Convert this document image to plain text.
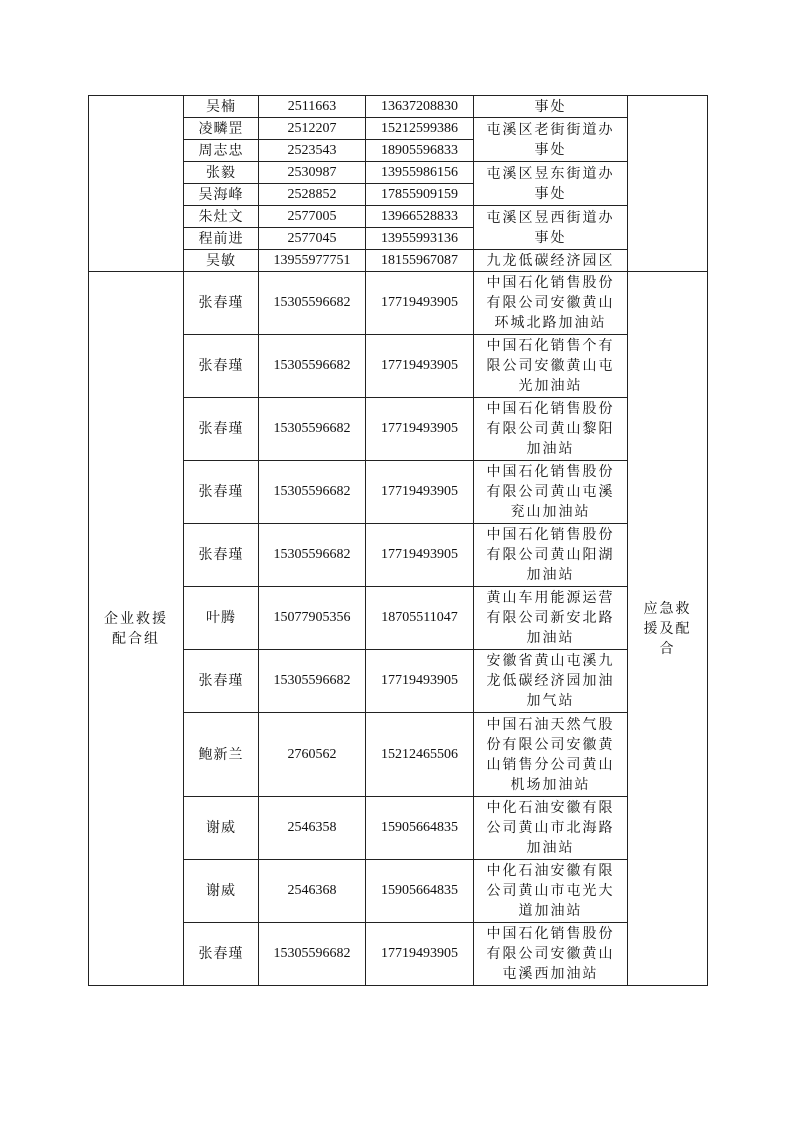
	吴楠	2511663	13637208830	事处	
	凌疄罡	2512207	15212599386	屯溪区老街街道办事处	

	周志忠	2523543	18905596833		
	张毅	2530987	13955986156	屯溪区昱东街道办事处	

	吴海峰	2528852	17855909159		
	朱灶文	2577005	13966528833	屯溪区昱西街道办事处	

	程前进	2577045	13955993136		
	吴敏	13955977751	18155967087	九龙低碳经济园区	

企业救援配合组	张春瑾	15305596682	17719493905	中国石化销售股份有限公司安徽黄山环城北路加油站	应急救援及配合

	张春瑾	15305596682	17719493905	中国石化销售个有限公司安徽黄山屯光加油站	

	张春瑾	15305596682	17719493905	中国石化销售股份有限公司黄山黎阳加油站	

	张春瑾	15305596682	17719493905	中国石化销售股份有限公司黄山屯溪兖山加油站	

	张春瑾	15305596682	17719493905	中国石化销售股份有限公司黄山阳湖加油站	

	叶腾	15077905356	18705511047	黄山车用能源运营有限公司新安北路加油站	

	张春瑾	15305596682	17719493905	安徽省黄山屯溪九龙低碳经济园加油加气站	

	鲍新兰	2760562	15212465506	中国石油天然气股份有限公司安徽黄山销售分公司黄山机场加油站	

	谢威	2546358	15905664835	中化石油安徽有限公司黄山市北海路加油站	

	谢威	2546368	15905664835	中化石油安徽有限公司黄山市屯光大道加油站	

	张春瑾	15305596682	17719493905	中国石化销售股份有限公司安徽黄山屯溪西加油站	
